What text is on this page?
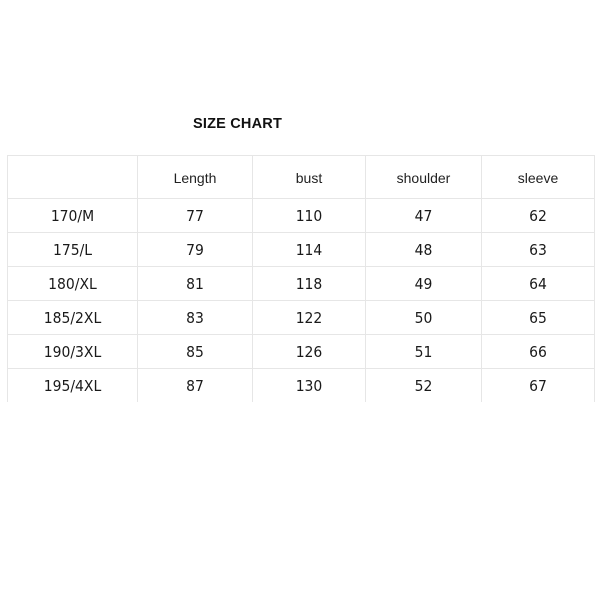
SIZE CHART
	Length	bust	shoulder	sleeve
170/M	77	110	47	62
175/L	79	114	48	63
180/XL	81	118	49	64
185/2XL	83	122	50	65
190/3XL	85	126	51	66
195/4XL	87	130	52	67
